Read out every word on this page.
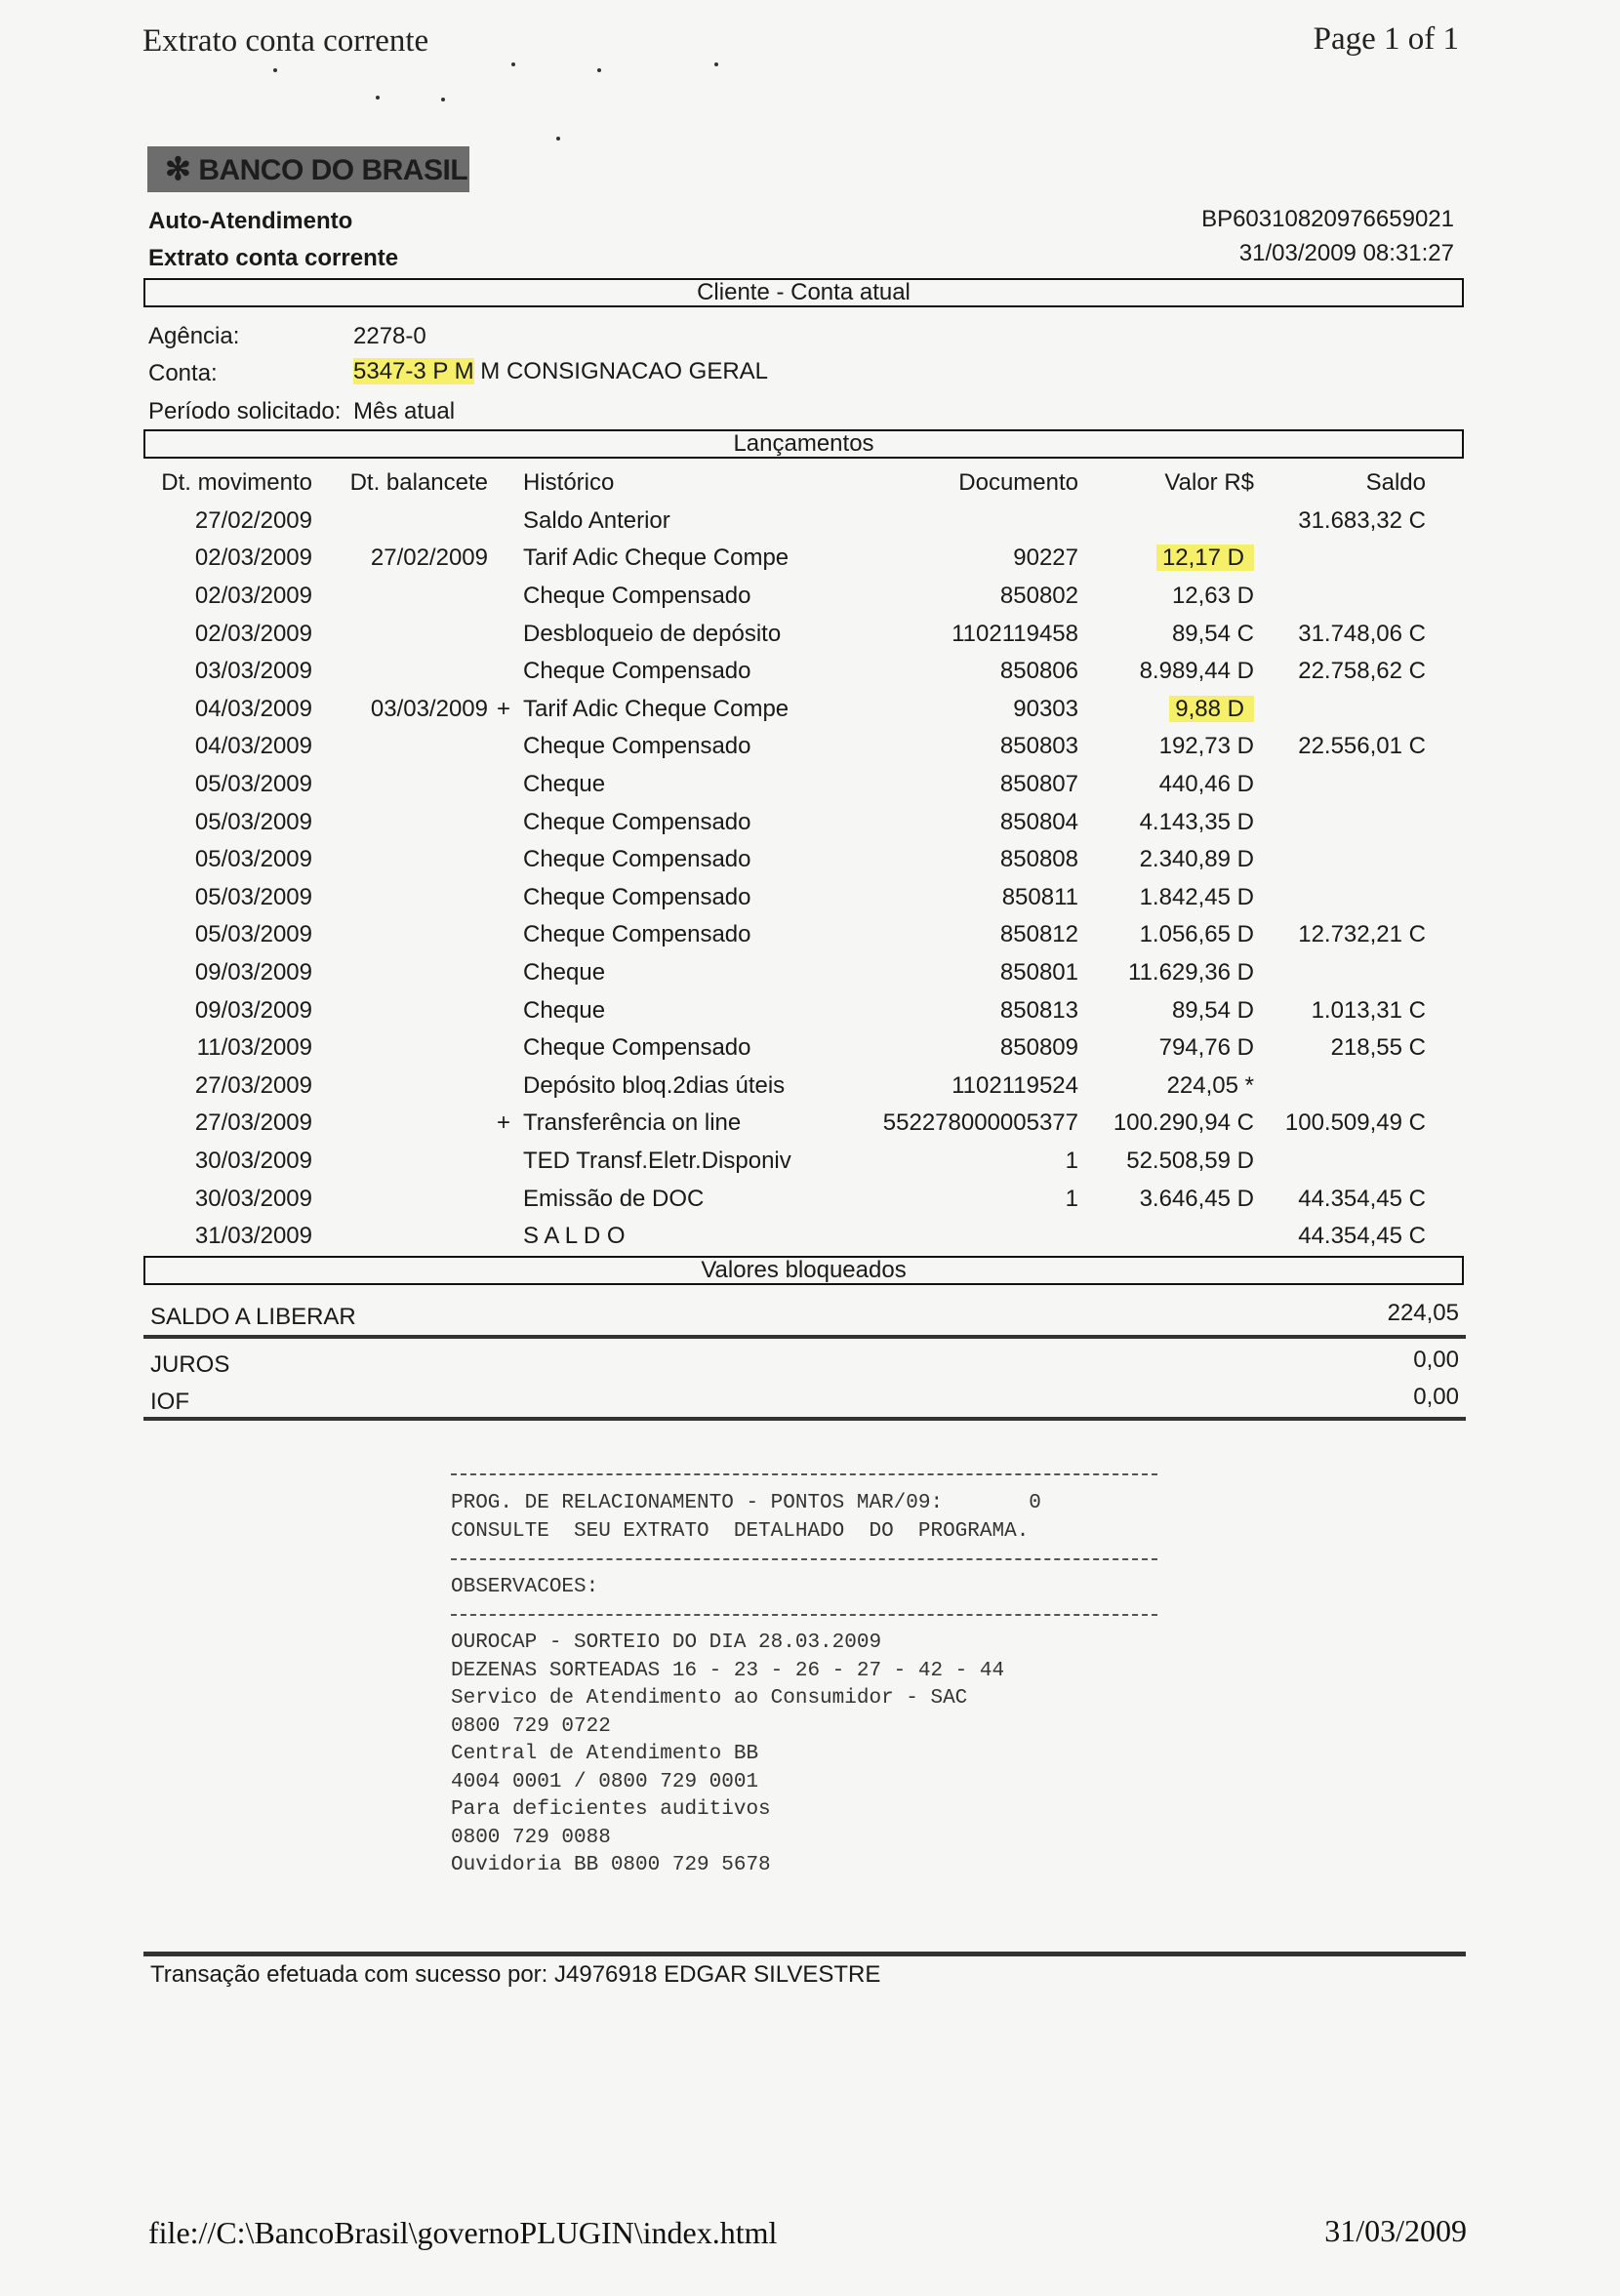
Extrato conta corrente	Page 1 of 1
✻ BANCO DO BRASIL
Auto-Atendimento
Extrato conta corrente
BP60310820976659021
31/03/2009 08:31:27
Cliente - Conta atual
Agência:	2278-0
Conta:	5347-3 P M M CONSIGNACAO GERAL
Período solicitado: Mês atual
Lançamentos
Dt. movimento	Dt. balancete		Histórico	Documento	Valor R$	Saldo
27/02/2009			Saldo Anterior			31.683,32 C
02/03/2009	27/02/2009		Tarif Adic Cheque Compe	90227	12,17 D	
02/03/2009			Cheque Compensado	850802	12,63 D	
02/03/2009			Desbloqueio de depósito	1102119458	89,54 C	31.748,06 C
03/03/2009			Cheque Compensado	850806	8.989,44 D	22.758,62 C
04/03/2009	03/03/2009	+	Tarif Adic Cheque Compe	90303	9,88 D	
04/03/2009			Cheque Compensado	850803	192,73 D	22.556,01 C
05/03/2009			Cheque	850807	440,46 D	
05/03/2009			Cheque Compensado	850804	4.143,35 D	
05/03/2009			Cheque Compensado	850808	2.340,89 D	
05/03/2009			Cheque Compensado	850811	1.842,45 D	
05/03/2009			Cheque Compensado	850812	1.056,65 D	12.732,21 C
09/03/2009			Cheque	850801	11.629,36 D	
09/03/2009			Cheque	850813	89,54 D	1.013,31 C
11/03/2009			Cheque Compensado	850809	794,76 D	218,55 C
27/03/2009			Depósito bloq.2dias úteis	1102119524	224,05 *	
27/03/2009		+	Transferência on line	552278000005377	100.290,94 C	100.509,49 C
30/03/2009			TED Transf.Eletr.Disponiv	1	52.508,59 D	
30/03/2009			Emissão de DOC	1	3.646,45 D	44.354,45 C
31/03/2009			S A L D O			44.354,45 C
Valores bloqueados
SALDO A LIBERAR	224,05
JUROS	0,00
IOF	0,00
PROG. DE RELACIONAMENTO - PONTOS MAR/09:       0
CONSULTE  SEU EXTRATO  DETALHADO  DO  PROGRAMA.
OBSERVACOES:
OUROCAP - SORTEIO DO DIA 28.03.2009
DEZENAS SORTEADAS 16 - 23 - 26 - 27 - 42 - 44
Servico de Atendimento ao Consumidor - SAC
0800 729 0722
Central de Atendimento BB
4004 0001 / 0800 729 0001
Para deficientes auditivos
0800 729 0088
Ouvidoria BB 0800 729 5678
Transação efetuada com sucesso por: J4976918 EDGAR SILVESTRE
file://C:\BancoBrasil\governoPLUGIN\index.html	31/03/2009
